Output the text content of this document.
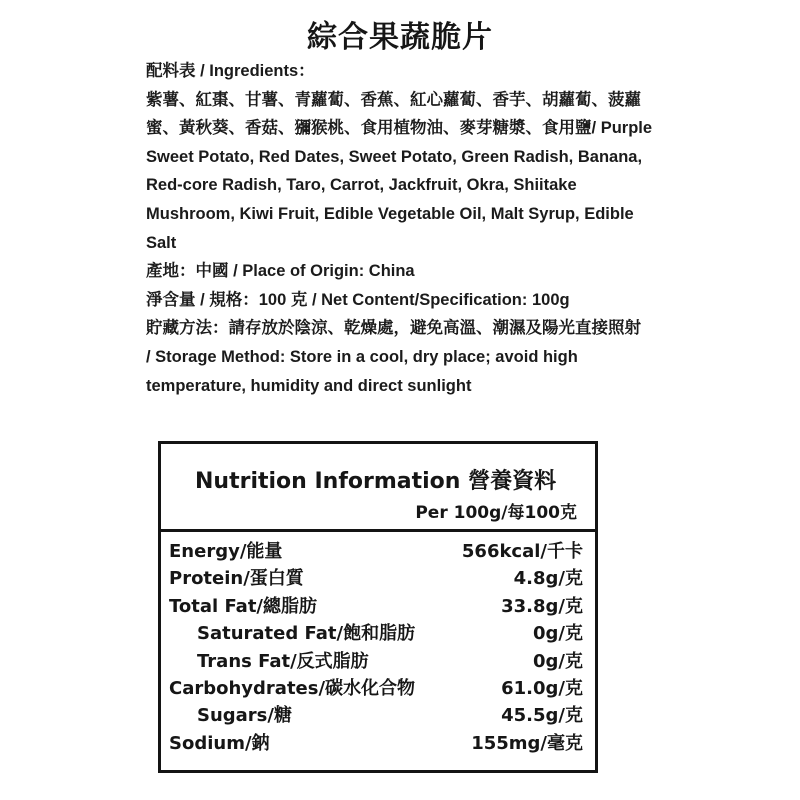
綜合果蔬脆片

配料表 / Ingredients：

紫薯、紅棗、甘薯、青蘿蔔、香蕉、紅心蘿蔔、香芋、胡蘿蔔、菠蘿蜜、黃秋葵、香菇、獼猴桃、食用植物油、麥芽糖漿、食用鹽/ Purple Sweet Potato, Red Dates, Sweet Potato, Green Radish, Banana, Red-core Radish, Taro, Carrot, Jackfruit, Okra, Shiitake Mushroom, Kiwi Fruit, Edible Vegetable Oil, Malt Syrup, Edible Salt

產地：中國 / Place of Origin: China

淨含量 / 規格：100 克 / Net Content/Specification: 100g

貯藏方法：請存放於陰涼、乾燥處，避免高溫、潮濕及陽光直接照射

/ Storage Method: Store in a cool, dry place; avoid high temperature, humidity and direct sunlight

Nutrition Information 營養資料
Per 100g/每100克
Energy/能量	566kcal/千卡
Protein/蛋白質	4.8g/克
Total Fat/總脂肪	33.8g/克
Saturated Fat/飽和脂肪	0g/克
Trans Fat/反式脂肪	0g/克
Carbohydrates/碳水化合物	61.0g/克
Sugars/糖	45.5g/克
Sodium/鈉	155mg/毫克
